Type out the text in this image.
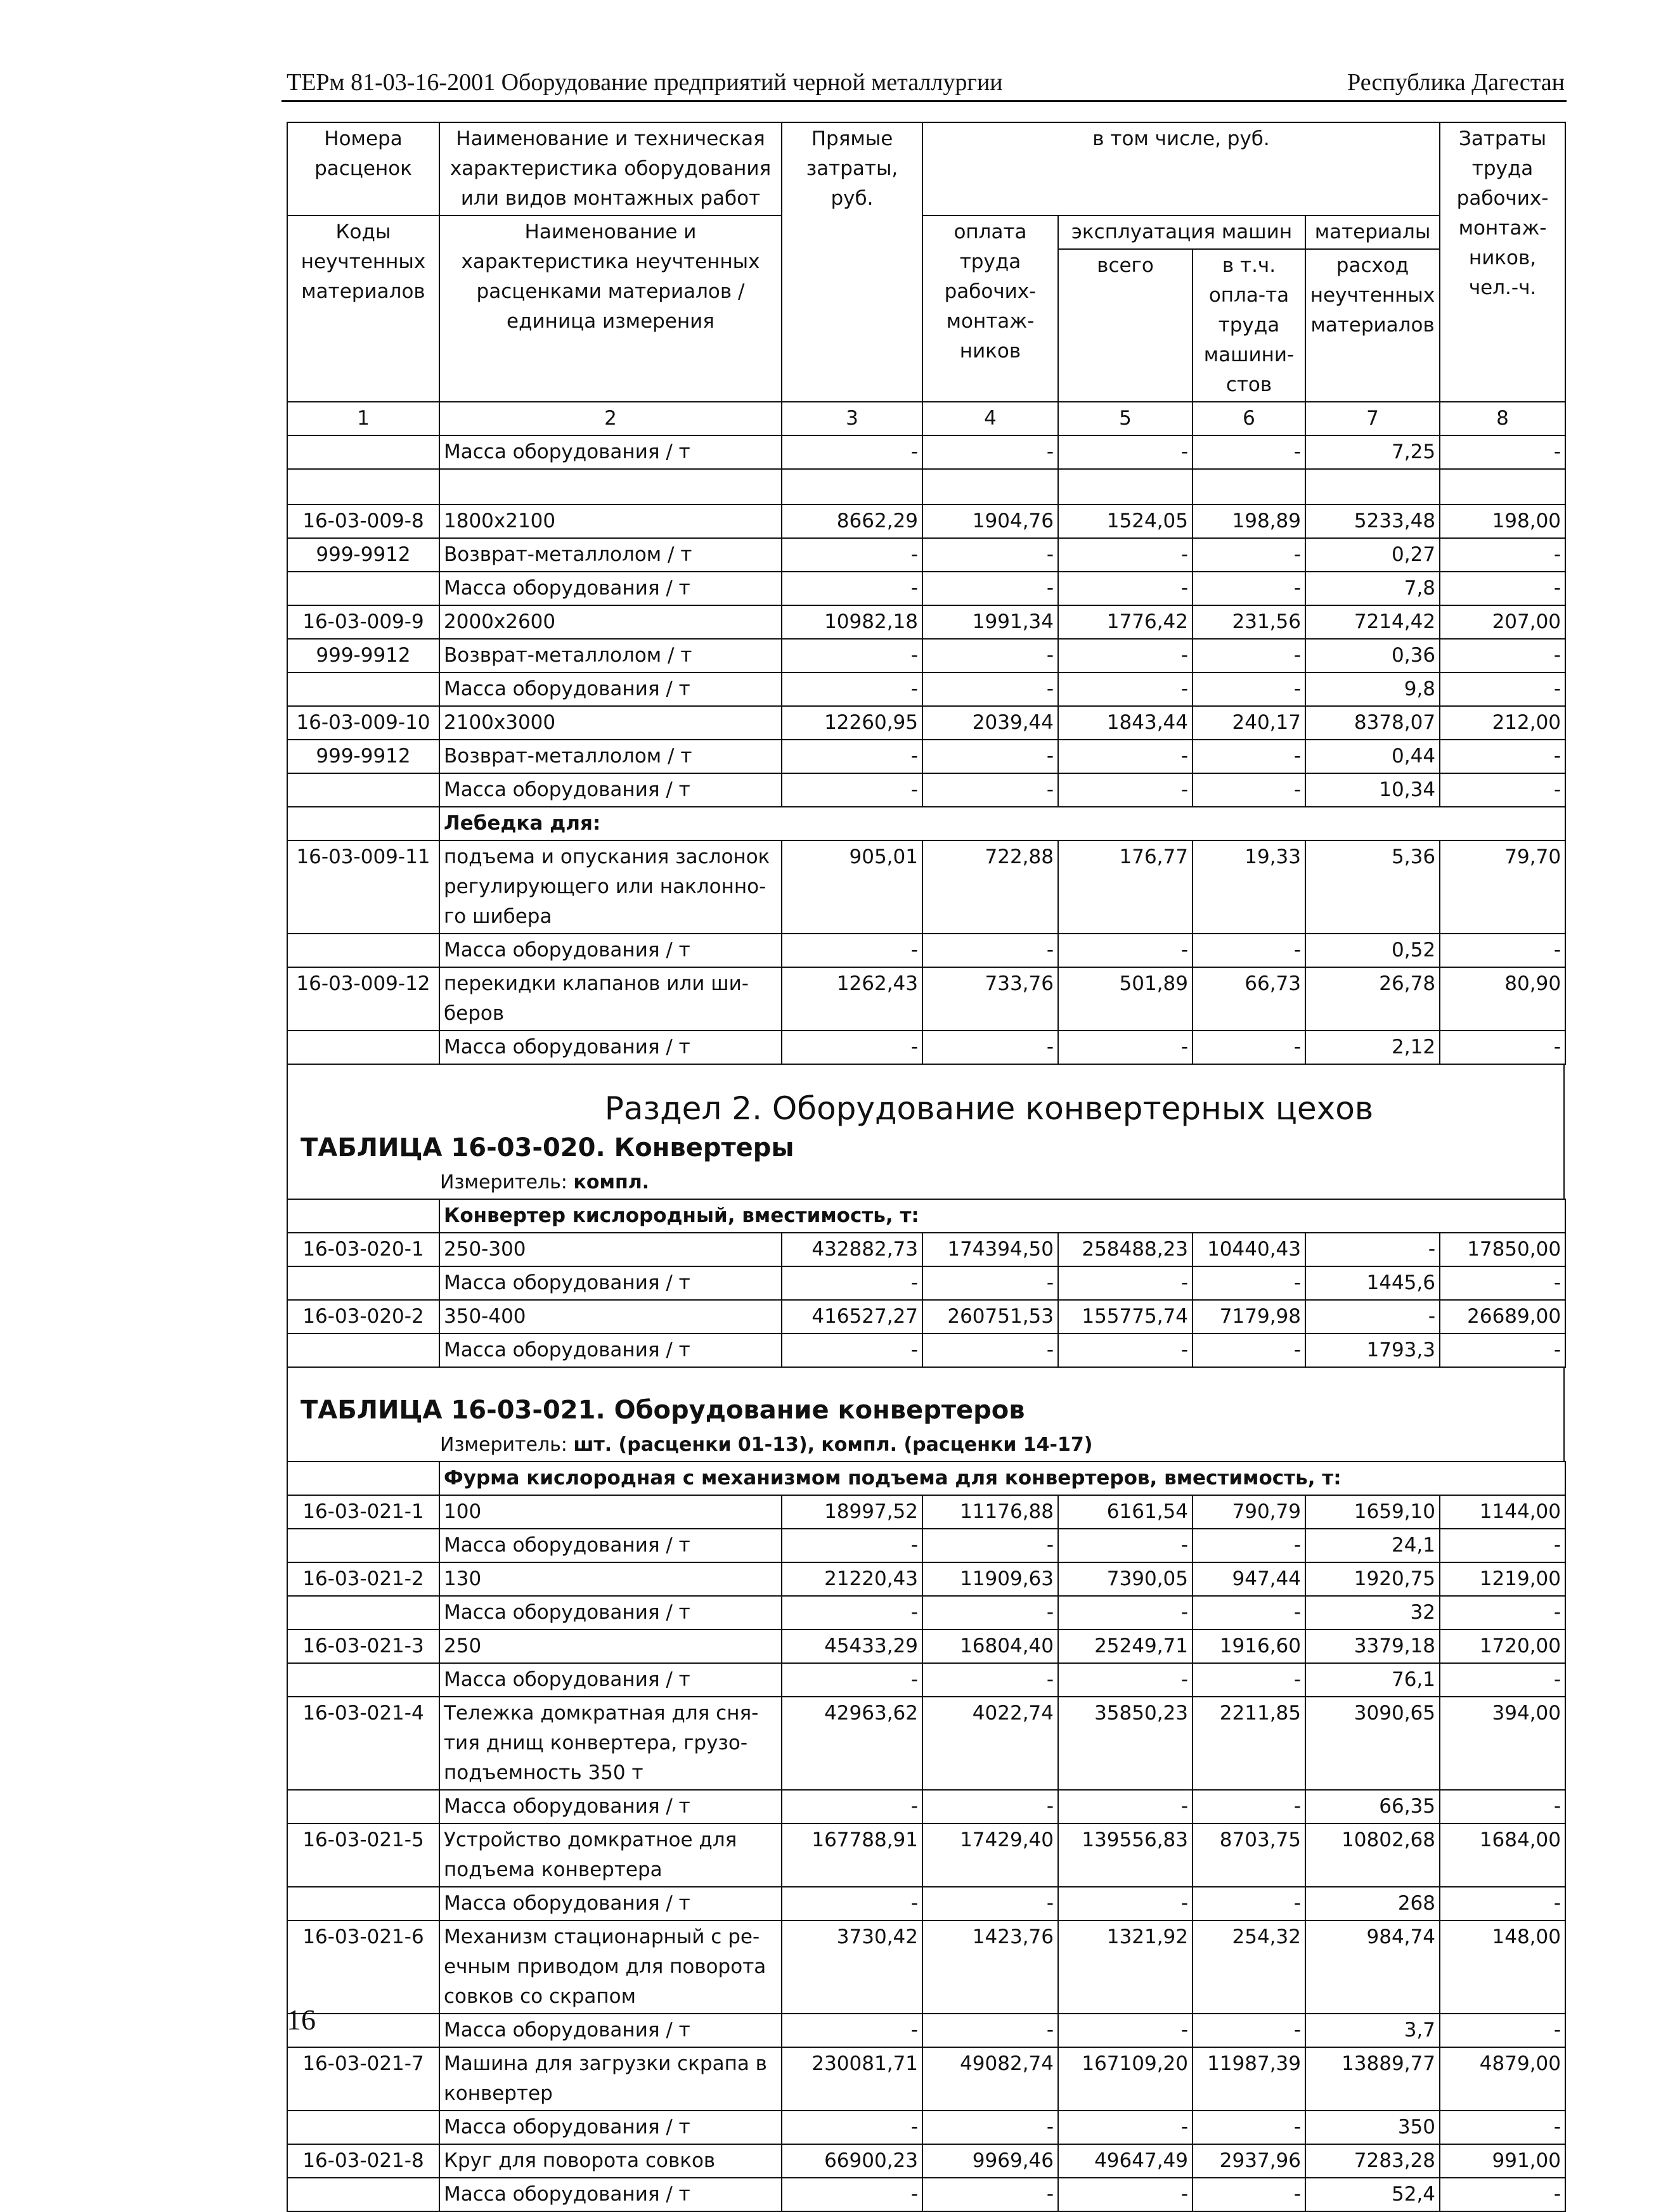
ТЕРм 81-03-16-2001 Оборудование предприятий черной металлургии	Республика Дагестан
Номера расценок	Наименование и техническая характеристика оборудования или видов монтажных работ	Прямые затраты, руб.	в том числе, руб.				Затраты труда рабочих-монтаж-ников, чел.-ч.
Коды неучтенных материалов	Наименование и характеристика неучтенных расценками материалов / единица измерения		оплата труда рабочих-монтаж-ников	эксплуатация машин		материалы	
				всего	в т.ч. опла-та труда машини-стов	расход неучтенных материалов	
1	2	3	4	5	6	7	8
	Масса оборудования / т	-	-	-	-	7,25	-

16-03-009-8	1800x2100	8662,29	1904,76	1524,05	198,89	5233,48	198,00
999-9912	Возврат-металлолом / т	-	-	-	-	0,27	-
	Масса оборудования / т	-	-	-	-	7,8	-
16-03-009-9	2000x2600	10982,18	1991,34	1776,42	231,56	7214,42	207,00
999-9912	Возврат-металлолом / т	-	-	-	-	0,36	-
	Масса оборудования / т	-	-	-	-	9,8	-
16-03-009-10	2100x3000	12260,95	2039,44	1843,44	240,17	8378,07	212,00
999-9912	Возврат-металлолом / т	-	-	-	-	0,44	-
	Масса оборудования / т	-	-	-	-	10,34	-
	Лебедка для:						
16-03-009-11	подъема и опускания заслонок
регулирующего или наклонно-
го шибера	905,01	722,88	176,77	19,33	5,36	79,70
	Масса оборудования / т	-	-	-	-	0,52	-
16-03-009-12	перекидки клапанов или ши-
беров	1262,43	733,76	501,89	66,73	26,78	80,90
	Масса оборудования / т	-	-	-	-	2,12	-
Раздел 2. Оборудование конвертерных цехов
ТАБЛИЦА 16-03-020. Конвертеры
Измеритель: компл.
	Конвертер кислородный, вместимость, т:						
16-03-020-1	250-300	432882,73	174394,50	258488,23	10440,43	-	17850,00
	Масса оборудования / т	-	-	-	-	1445,6	-
16-03-020-2	350-400	416527,27	260751,53	155775,74	7179,98	-	26689,00
	Масса оборудования / т	-	-	-	-	1793,3	-
ТАБЛИЦА 16-03-021. Оборудование конвертеров
Измеритель: шт. (расценки 01-13), компл. (расценки 14-17)
	Фурма кислородная с механизмом подъема для конвертеров, вместимость, т:						
16-03-021-1	100	18997,52	11176,88	6161,54	790,79	1659,10	1144,00
	Масса оборудования / т	-	-	-	-	24,1	-
16-03-021-2	130	21220,43	11909,63	7390,05	947,44	1920,75	1219,00
	Масса оборудования / т	-	-	-	-	32	-
16-03-021-3	250	45433,29	16804,40	25249,71	1916,60	3379,18	1720,00
	Масса оборудования / т	-	-	-	-	76,1	-
16-03-021-4	Тележка домкратная для сня-
тия днищ конвертера, грузо-
подъемность 350 т	42963,62	4022,74	35850,23	2211,85	3090,65	394,00
	Масса оборудования / т	-	-	-	-	66,35	-
16-03-021-5	Устройство домкратное для
подъема конвертера	167788,91	17429,40	139556,83	8703,75	10802,68	1684,00
	Масса оборудования / т	-	-	-	-	268	-
16-03-021-6	Механизм стационарный с ре-
ечным приводом для поворота
совков со скрапом	3730,42	1423,76	1321,92	254,32	984,74	148,00
	Масса оборудования / т	-	-	-	-	3,7	-
16-03-021-7	Машина для загрузки скрапа в
конвертер	230081,71	49082,74	167109,20	11987,39	13889,77	4879,00
	Масса оборудования / т	-	-	-	-	350	-
16-03-021-8	Круг для поворота совков	66900,23	9969,46	49647,49	2937,96	7283,28	991,00
	Масса оборудования / т	-	-	-	-	52,4	-
16
